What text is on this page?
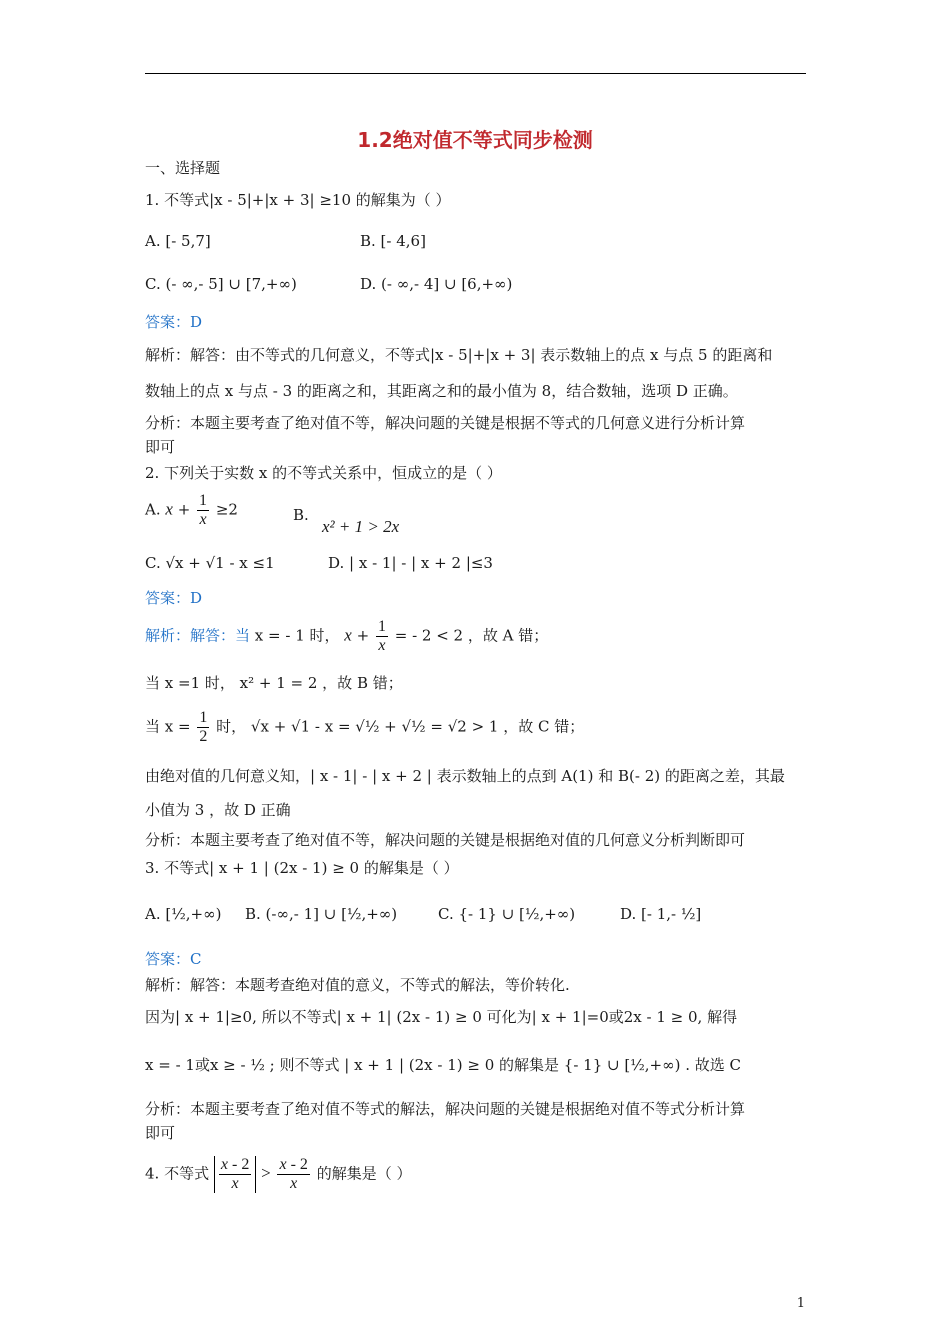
1.2绝对值不等式同步检测
一、选择题
1. 不等式|x - 5|+|x + 3| ≥10 的解集为（ ）
A. [- 5,7]	B. [- 4,6]
C. (- ∞,- 5] ∪ [7,+∞)	D. (- ∞,- 4] ∪ [6,+∞)
答案：D
解析：解答：由不等式的几何意义，不等式|x - 5|+|x + 3| 表示数轴上的点 x 与点 5 的距离和
数轴上的点 x 与点 - 3 的距离之和，其距离之和的最小值为 8，结合数轴，选项 D 正确。
分析：本题主要考查了绝对值不等，解决问题的关键是根据不等式的几何意义进行分析计算
即可
2. 下列关于实数 x 的不等式关系中，恒成立的是（ ）
A. $x + \frac{1}{x} \ge 2$	B.
x² + 1 > 2x
C. √x + √1 - x ≤1	D. | x - 1| - | x + 2 |≤3
答案：D
解析：解答：当 x = - 1 时， $x + \frac{1}{x}$ = - 2 < 2 ，故 A 错；
当 x =1 时， x² + 1 = 2 ，故 B 错；
当 $x = \frac{1}{2}$ 时， √x + √1 - x = √½ + √½ = √2 > 1 ，故 C 错；
由绝对值的几何意义知，| x - 1| - | x + 2 | 表示数轴上的点到 A(1) 和 B(- 2) 的距离之差，其最
小值为 3 ，故 D 正确
分析：本题主要考查了绝对值不等，解决问题的关键是根据绝对值的几何意义分析判断即可
3. 不等式| x + 1 | (2x - 1) ≥ 0 的解集是（ ）
A. [½,+∞) B. (-∞,- 1] ∪ [½,+∞)	C. {- 1} ∪ [½,+∞)	D. [- 1,- ½]
答案：C
解析：解答：本题考查绝对值的意义，不等式的解法，等价转化.
因为| x + 1|≥0, 所以不等式| x + 1| (2x - 1) ≥ 0 可化为| x + 1|=0或2x - 1 ≥ 0, 解得
x = - 1或x ≥ - ½ ; 则不等式 | x + 1 | (2x - 1) ≥ 0 的解集是 {- 1} ∪ [½,+∞) . 故选 C
分析：本题主要考查了绝对值不等式的解法，解决问题的关键是根据绝对值不等式分析计算
即可
4. 不等式 $\frac{x - 2}{x} > \frac{x - 2}{x}$ 的解集是（ ）
1
